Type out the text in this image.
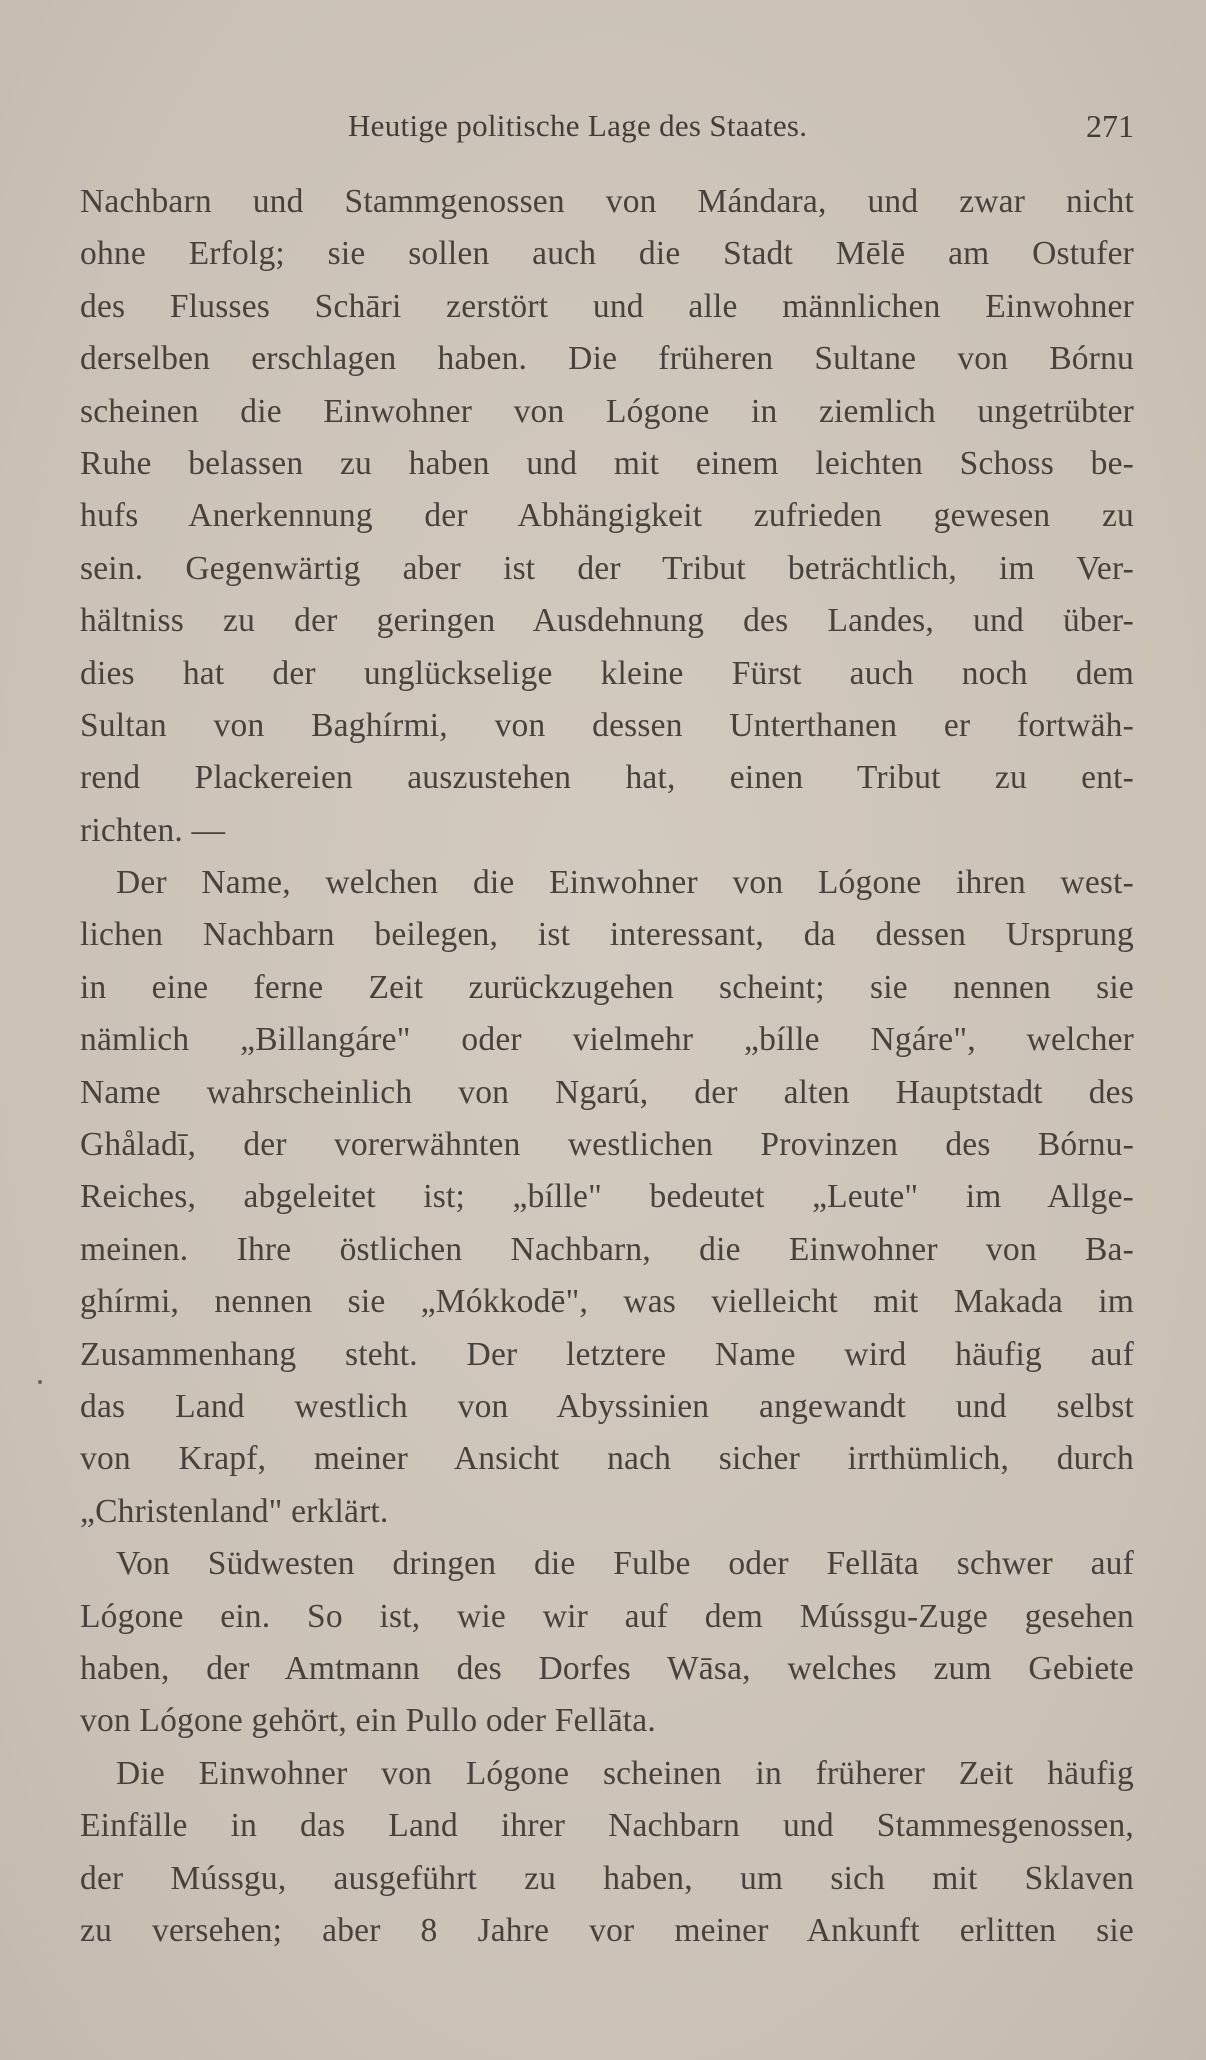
Heutige politische Lage des Staates.	271
Nachbarn und Stammgenossen von Mándara, und zwar nicht
ohne Erfolg; sie sollen auch die Stadt Mēlē am Ostufer
des Flusses Schāri zerstört und alle männlichen Einwohner
derselben erschlagen haben. Die früheren Sultane von Bórnu
scheinen die Einwohner von Lógone in ziemlich ungetrübter
Ruhe belassen zu haben und mit einem leichten Schoss be-
hufs Anerkennung der Abhängigkeit zufrieden gewesen zu
sein. Gegenwärtig aber ist der Tribut beträchtlich, im Ver-
hältniss zu der geringen Ausdehnung des Landes, und über-
dies hat der unglückselige kleine Fürst auch noch dem
Sultan von Baghírmi, von dessen Unterthanen er fortwäh-
rend Plackereien auszustehen hat, einen Tribut zu ent-
richten. —
Der Name, welchen die Einwohner von Lógone ihren west-
lichen Nachbarn beilegen, ist interessant, da dessen Ursprung
in eine ferne Zeit zurückzugehen scheint; sie nennen sie
nämlich „Billangáre" oder vielmehr „bílle Ngáre", welcher
Name wahrscheinlich von Ngarú, der alten Hauptstadt des
Ghåladī, der vorerwähnten westlichen Provinzen des Bórnu-
Reiches, abgeleitet ist; „bílle" bedeutet „Leute" im Allge-
meinen. Ihre östlichen Nachbarn, die Einwohner von Ba-
ghírmi, nennen sie „Mókkodē", was vielleicht mit Makada im
Zusammenhang steht. Der letztere Name wird häufig auf
das Land westlich von Abyssinien angewandt und selbst
von Krapf, meiner Ansicht nach sicher irrthümlich, durch
„Christenland" erklärt.
Von Südwesten dringen die Fulbe oder Fellāta schwer auf
Lógone ein. So ist, wie wir auf dem Mússgu-Zuge gesehen
haben, der Amtmann des Dorfes Wāsa, welches zum Gebiete
von Lógone gehört, ein Pullo oder Fellāta.
Die Einwohner von Lógone scheinen in früherer Zeit häufig
Einfälle in das Land ihrer Nachbarn und Stammesgenossen,
der Mússgu, ausgeführt zu haben, um sich mit Sklaven
zu versehen; aber 8 Jahre vor meiner Ankunft erlitten sie
